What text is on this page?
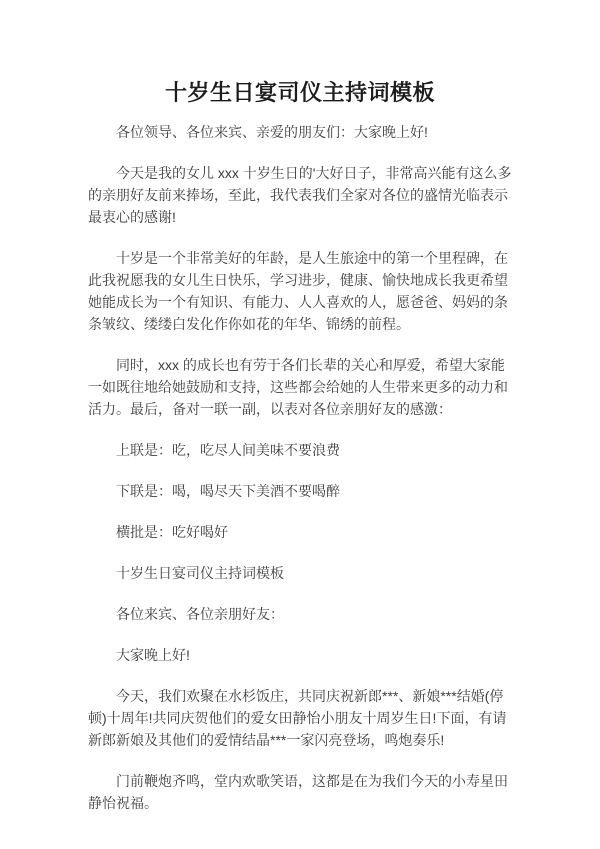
十岁生日宴司仪主持词模板

各位领导、各位来宾、亲爱的朋友们：大家晚上好!

今天是我的女儿 xxx 十岁生日的'大好日子，非常高兴能有这么多的亲朋好友前来捧场，至此，我代表我们全家对各位的盛情光临表示最衷心的感谢!

十岁是一个非常美好的年龄，是人生旅途中的第一个里程碑，在此我祝愿我的女儿生日快乐，学习进步，健康、愉快地成长我更希望她能成长为一个有知识、有能力、人人喜欢的人，愿爸爸、妈妈的条条皱纹、缕缕白发化作你如花的年华、锦绣的前程。

同时，xxx 的成长也有劳于各们长辈的关心和厚爱，希望大家能一如既往地给她鼓励和支持，这些都会给她的人生带来更多的动力和活力。最后，备对一联一副，以表对各位亲朋好友的感激：

上联是：吃，吃尽人间美味不要浪费

下联是：喝，喝尽天下美酒不要喝醉

横批是：吃好喝好

十岁生日宴司仪主持词模板

各位来宾、各位亲朋好友：

大家晚上好!

今天，我们欢聚在水杉饭庄，共同庆祝新郎***、新娘***结婚(停顿)十周年!共同庆贺他们的爱女田静怡小朋友十周岁生日!下面，有请新郎新娘及其他们的爱情结晶***一家闪亮登场，鸣炮奏乐!

门前鞭炮齐鸣，堂内欢歌笑语，这都是在为我们今天的小寿星田静怡祝福。
